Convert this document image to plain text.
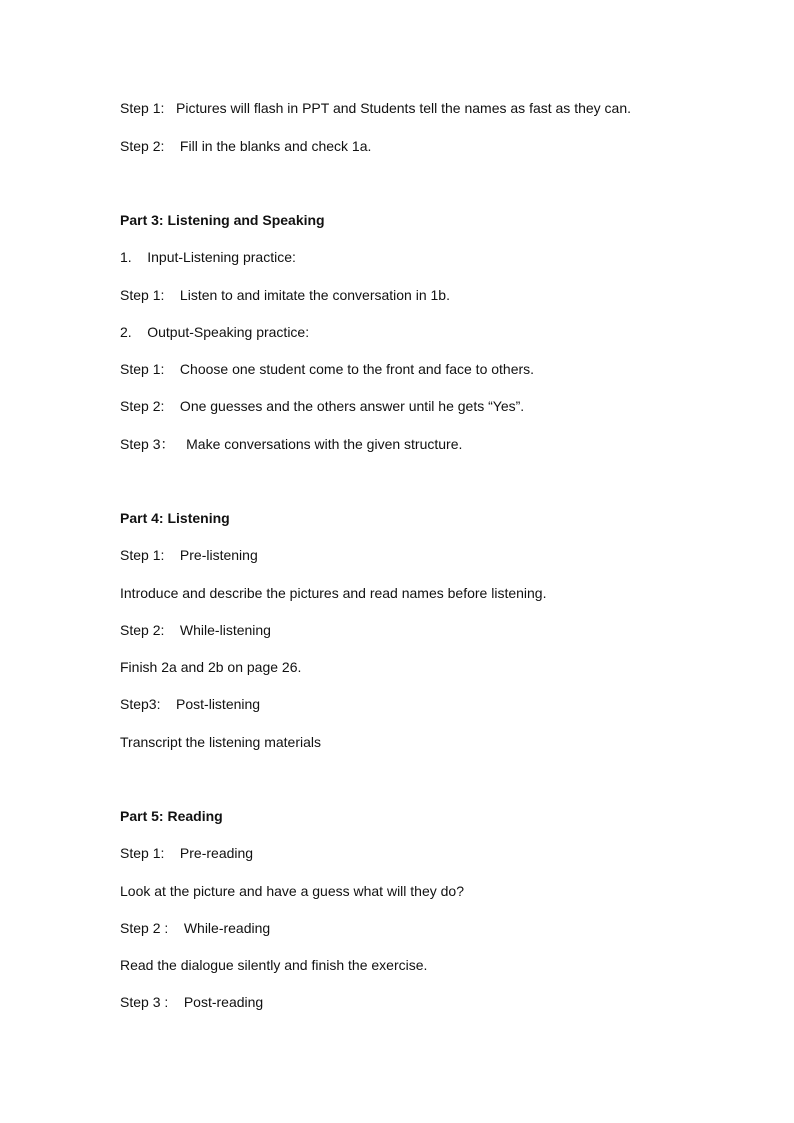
Step 1:   Pictures will flash in PPT and Students tell the names as fast as they can.
Step 2:    Fill in the blanks and check 1a.
Part 3: Listening and Speaking
1.    Input-Listening practice:
Step 1:    Listen to and imitate the conversation in 1b.
2.    Output-Speaking practice:
Step 1:    Choose one student come to the front and face to others.
Step 2:    One guesses and the others answer until he gets “Yes”.
Step 3：   Make conversations with the given structure.
Part 4: Listening
Step 1:    Pre-listening
Introduce and describe the pictures and read names before listening.
Step 2:    While-listening
Finish 2a and 2b on page 26.
Step3:    Post-listening
Transcript the listening materials
Part 5: Reading
Step 1:    Pre-reading
Look at the picture and have a guess what will they do?
Step 2 :    While-reading
Read the dialogue silently and finish the exercise.
Step 3 :    Post-reading
